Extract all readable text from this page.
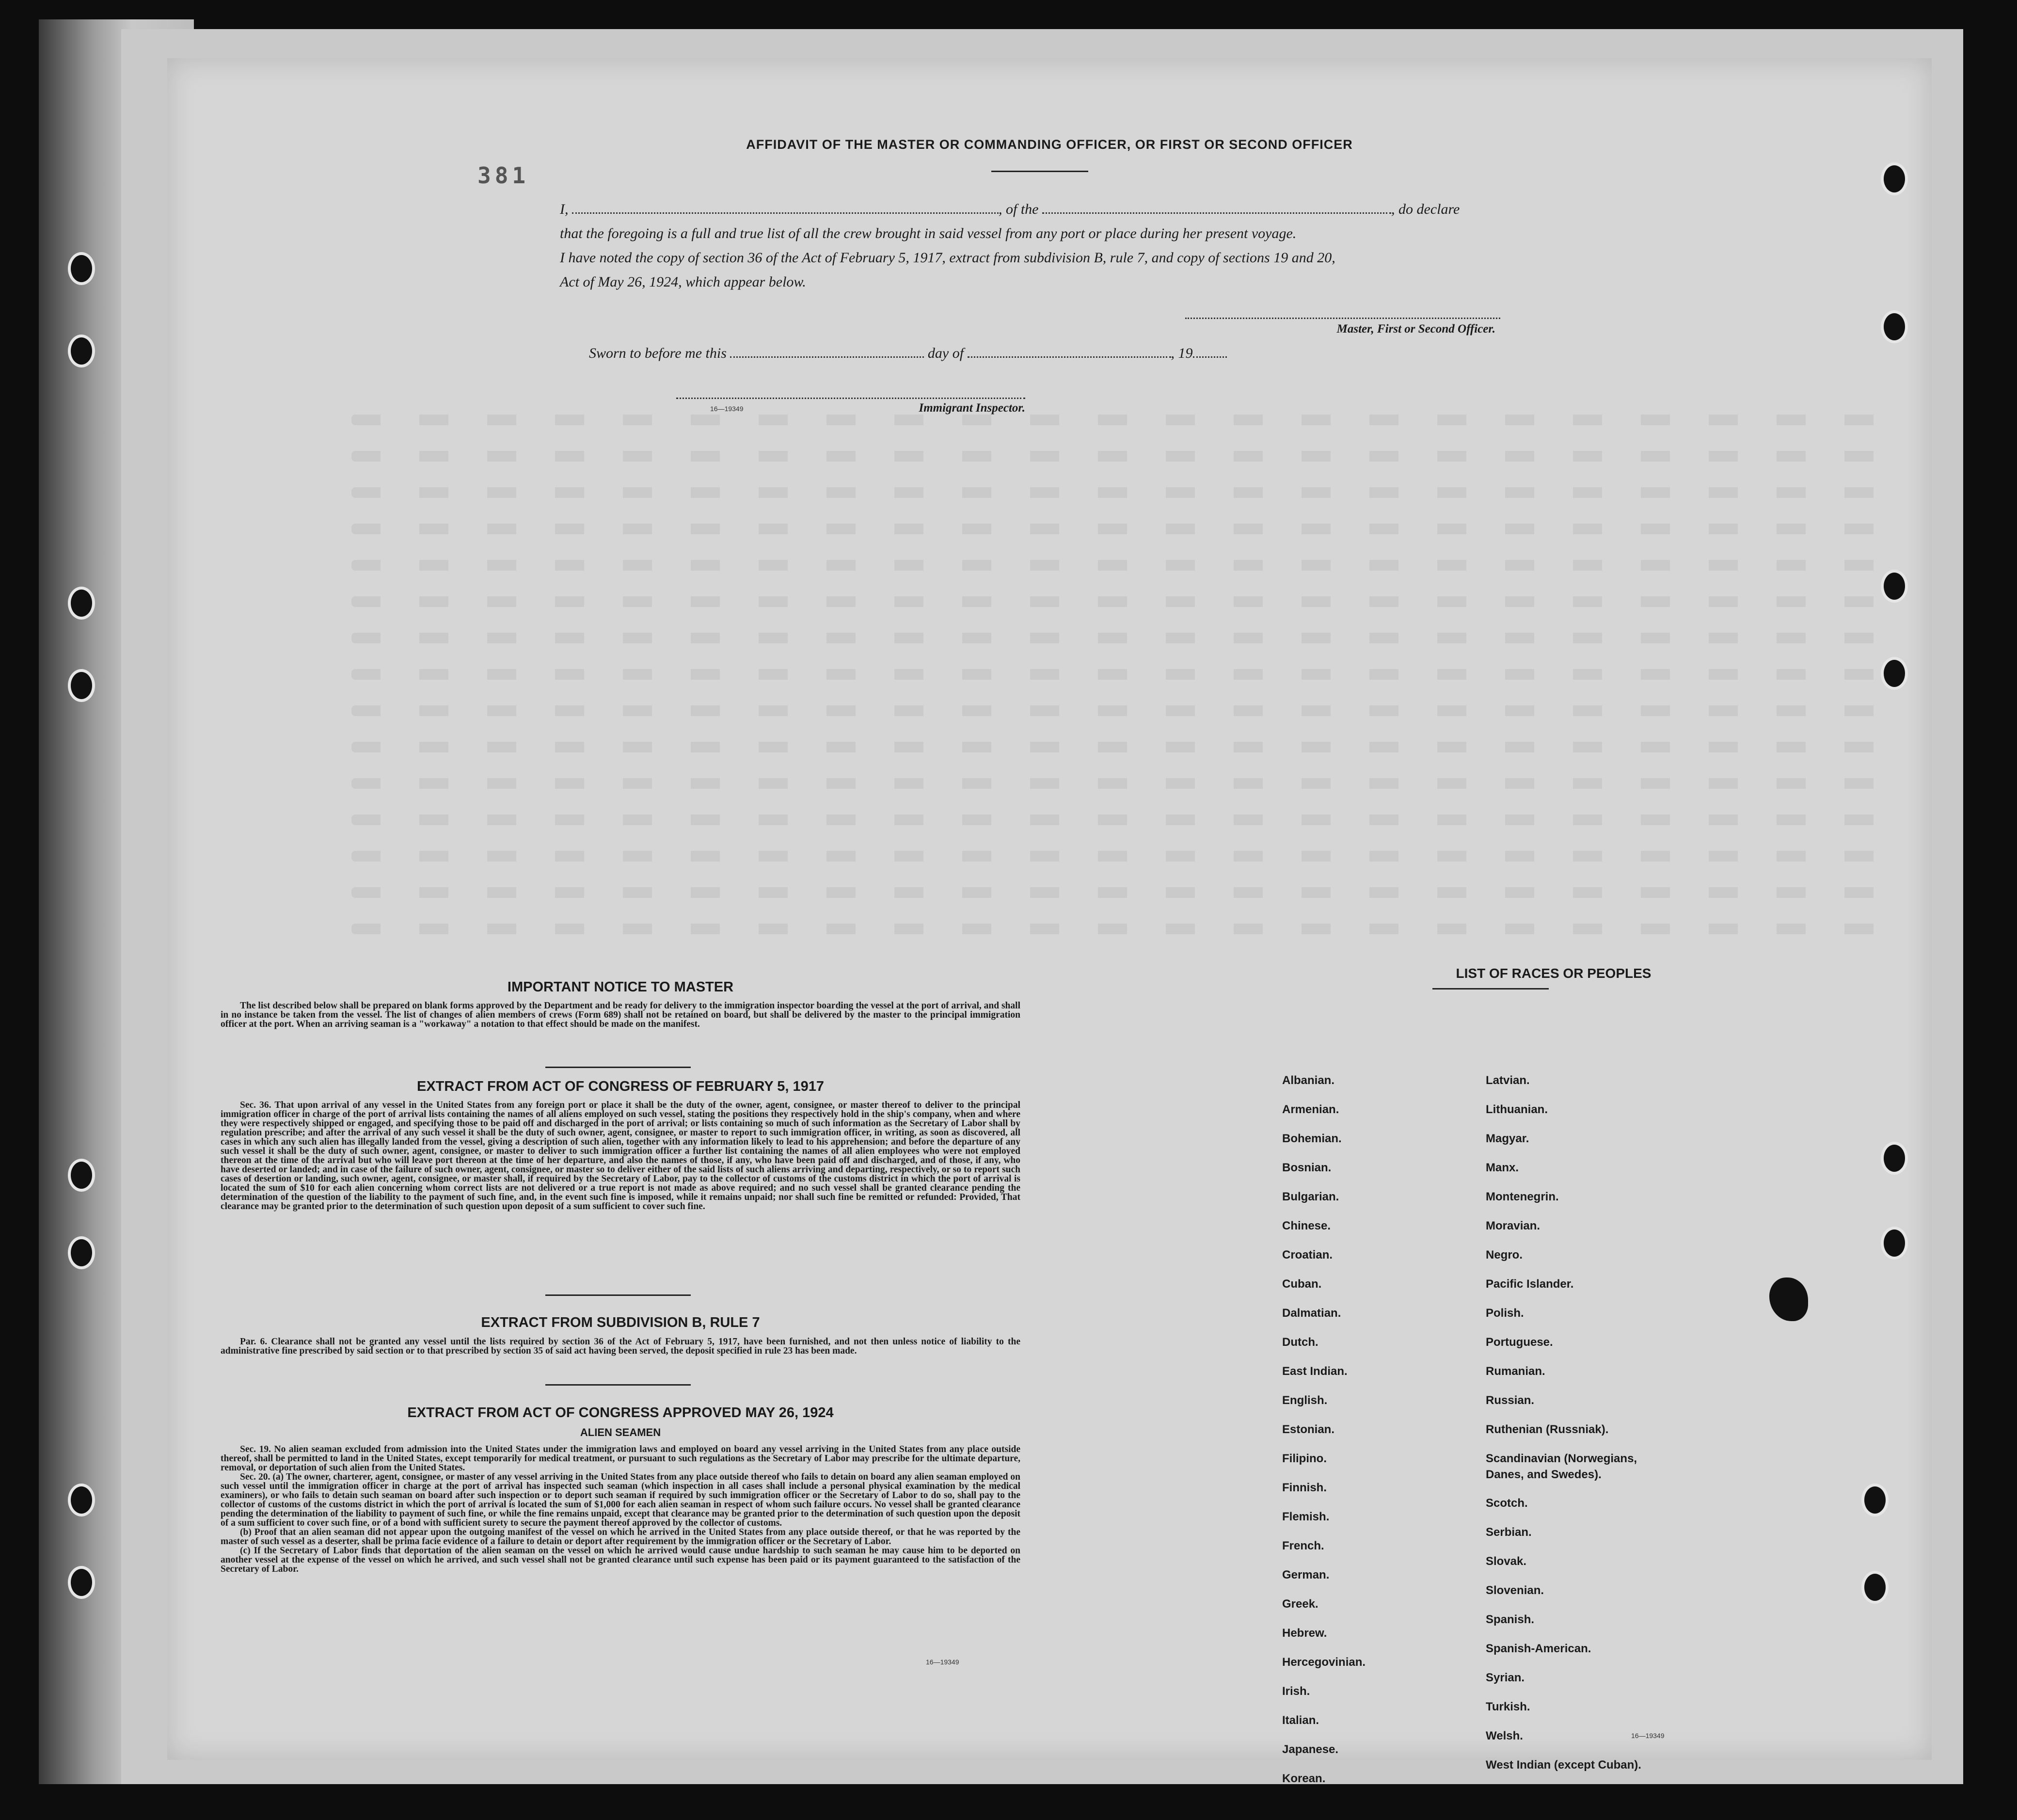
381
AFFIDAVIT OF THE MASTER OR COMMANDING OFFICER, OR FIRST OR SECOND OFFICER
I,	, of the	, do declare
that the foregoing is a full and true list of all the crew brought in said vessel from any port or place during her present voyage.
I have noted the copy of section 36 of the Act of February 5, 1917, extract from subdivision B, rule 7, and copy of sections 19 and 20,
Act of May 26, 1924, which appear below.
Master, First or Second Officer.
Sworn to before me this	day of	, 19
16—19349	Immigrant Inspector.
IMPORTANT NOTICE TO MASTER

The list described below shall be prepared on blank forms approved by the Department and be ready for delivery to the immigration inspector boarding the vessel at the port of arrival, and shall in no instance be taken from the vessel. The list of changes of alien members of crews (Form 689) shall not be retained on board, but shall be delivered by the master to the principal immigration officer at the port. When an arriving seaman is a "workaway" a notation to that effect should be made on the manifest.

EXTRACT FROM ACT OF CONGRESS OF FEBRUARY 5, 1917

Sec. 36. That upon arrival of any vessel in the United States from any foreign port or place it shall be the duty of the owner, agent, consignee, or master thereof to deliver to the principal immigration officer in charge of the port of arrival lists containing the names of all aliens employed on such vessel, stating the positions they respectively hold in the ship's company, when and where they were respectively shipped or engaged, and specifying those to be paid off and discharged in the port of arrival; or lists containing so much of such information as the Secretary of Labor shall by regulation prescribe; and after the arrival of any such vessel it shall be the duty of such owner, agent, consignee, or master to report to such immigration officer, in writing, as soon as discovered, all cases in which any such alien has illegally landed from the vessel, giving a description of such alien, together with any information likely to lead to his apprehension; and before the departure of any such vessel it shall be the duty of such owner, agent, consignee, or master to deliver to such immigration officer a further list containing the names of all alien employees who were not employed thereon at the time of the arrival but who will leave port thereon at the time of her departure, and also the names of those, if any, who have been paid off and discharged, and of those, if any, who have deserted or landed; and in case of the failure of such owner, agent, consignee, or master so to deliver either of the said lists of such aliens arriving and departing, respectively, or so to report such cases of desertion or landing, such owner, agent, consignee, or master shall, if required by the Secretary of Labor, pay to the collector of customs of the customs district in which the port of arrival is located the sum of $10 for each alien concerning whom correct lists are not delivered or a true report is not made as above required; and no such vessel shall be granted clearance pending the determination of the question of the liability to the payment of such fine, and, in the event such fine is imposed, while it remains unpaid; nor shall such fine be remitted or refunded: Provided, That clearance may be granted prior to the determination of such question upon deposit of a sum sufficient to cover such fine.

EXTRACT FROM SUBDIVISION B, RULE 7

Par. 6. Clearance shall not be granted any vessel until the lists required by section 36 of the Act of February 5, 1917, have been furnished, and not then unless notice of liability to the administrative fine prescribed by said section or to that prescribed by section 35 of said act having been served, the deposit specified in rule 23 has been made.

EXTRACT FROM ACT OF CONGRESS APPROVED MAY 26, 1924
ALIEN SEAMEN

Sec. 19. No alien seaman excluded from admission into the United States under the immigration laws and employed on board any vessel arriving in the United States from any place outside thereof, shall be permitted to land in the United States, except temporarily for medical treatment, or pursuant to such regulations as the Secretary of Labor may prescribe for the ultimate departure, removal, or deportation of such alien from the United States.

Sec. 20. (a) The owner, charterer, agent, consignee, or master of any vessel arriving in the United States from any place outside thereof who fails to detain on board any alien seaman employed on such vessel until the immigration officer in charge at the port of arrival has inspected such seaman (which inspection in all cases shall include a personal physical examination by the medical examiners), or who fails to detain such seaman on board after such inspection or to deport such seaman if required by such immigration officer or the Secretary of Labor to do so, shall pay to the collector of customs of the customs district in which the port of arrival is located the sum of $1,000 for each alien seaman in respect of whom such failure occurs. No vessel shall be granted clearance pending the determination of the liability to payment of such fine, or while the fine remains unpaid, except that clearance may be granted prior to the determination of such question upon the deposit of a sum sufficient to cover such fine, or of a bond with sufficient surety to secure the payment thereof approved by the collector of customs.

(b) Proof that an alien seaman did not appear upon the outgoing manifest of the vessel on which he arrived in the United States from any place outside thereof, or that he was reported by the master of such vessel as a deserter, shall be prima facie evidence of a failure to detain or deport after requirement by the immigration officer or the Secretary of Labor.

(c) If the Secretary of Labor finds that deportation of the alien seaman on the vessel on which he arrived would cause undue hardship to such seaman he may cause him to be deported on another vessel at the expense of the vessel on which he arrived, and such vessel shall not be granted clearance until such expense has been paid or its payment guaranteed to the satisfaction of the Secretary of Labor.

16—19349
LIST OF RACES OR PEOPLES
Albanian.
Armenian.
Bohemian.
Bosnian.
Bulgarian.
Chinese.
Croatian.
Cuban.
Dalmatian.
Dutch.
East Indian.
English.
Estonian.
Filipino.
Finnish.
Flemish.
French.
German.
Greek.
Hebrew.
Hercegovinian.
Irish.
Italian.
Japanese.
Korean.
Latvian.
Lithuanian.
Magyar.
Manx.
Montenegrin.
Moravian.
Negro.
Pacific Islander.
Polish.
Portuguese.
Rumanian.
Russian.
Ruthenian (Russniak).
Scandinavian (Norwegians,
Danes, and Swedes).
Scotch.
Serbian.
Slovak.
Slovenian.
Spanish.
Spanish-American.
Syrian.
Turkish.
Welsh.
West Indian (except Cuban).
16—19349
